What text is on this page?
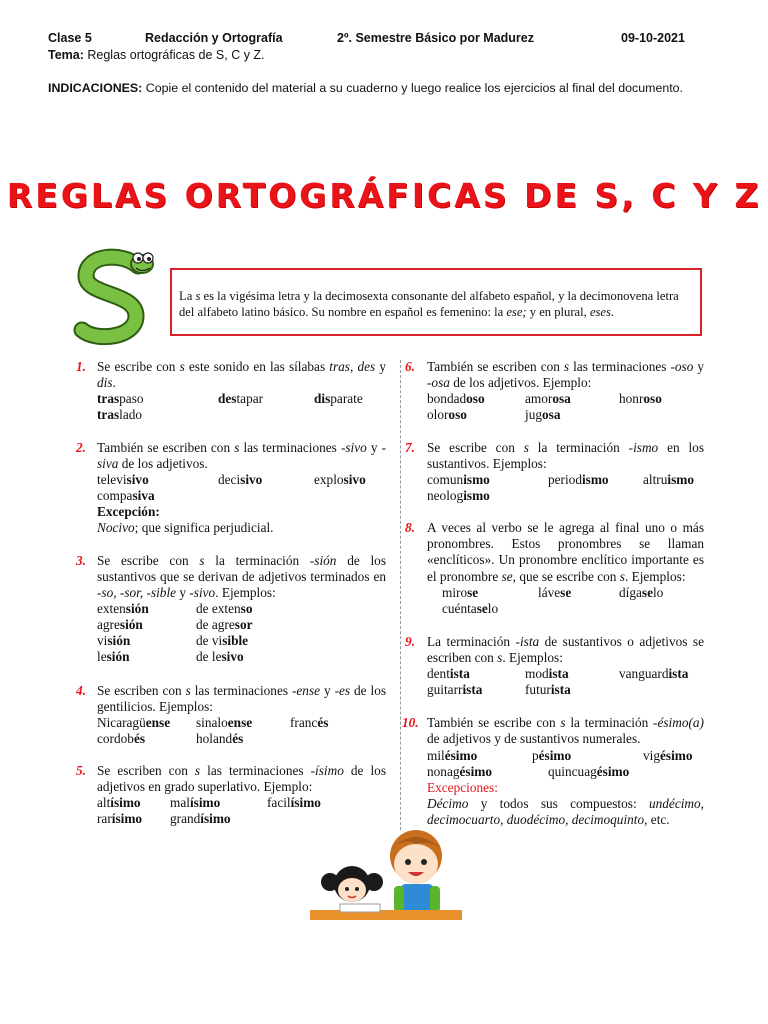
Clase 5	Redacción y Ortografía	2º. Semestre Básico por Madurez	09-10-2021
Tema: Reglas ortográficas de S, C y Z.
INDICACIONES: Copie el contenido del material a su cuaderno y luego realice los ejercicios al final del documento.
REGLAS ORTOGRÁFICAS DE S, C Y Z
La s es la vigésima letra y la decimosexta consonante del alfabeto español, y la decimonovena letra del alfabeto latino básico. Su nombre en español es femenino: la ese; y en plural, eses.
1. Se escribe con s este sonido en las sílabas tras, des y dis.
traspaso	destapar	disparate
traslado
2. También se escriben con s las terminaciones -sivo y -siva de los adjetivos.
televisivo	decisivo	explosivo
compasiva
Excepción:
Nocivo; que significa perjudicial.
3. Se escribe con s la terminación -sión de los sustantivos que se derivan de adjetivos terminados en -so, -sor, -sible y -sivo. Ejemplos:
extensión	de extenso
agresión	de agresor
visión	de visible
lesión	de lesivo
4. Se escriben con s las terminaciones -ense y -es de los gentilicios. Ejemplos:
Nicaragüense sinaloense	francés
cordobés	holandés
5. Se escriben con s las terminaciones -ísimo de los adjetivos en grado superlativo. Ejemplo:
altísimo malísimo	facilísimo
rarísimo grandísimo
6. También se escriben con s las terminaciones -oso y -osa de los adjetivos. Ejemplo:
bondadoso	amorosa	honroso
oloroso	jugosa
7. Se escribe con s la terminación -ismo en los sustantivos. Ejemplos:
comunismo	periodismo	altruismo
neologismo
8. A veces al verbo se le agrega al final uno o más pronombres. Estos pronombres se llaman «enclíticos». Un pronombre enclítico importante es el pronombre se, que se escribe con s. Ejemplos:
mirose	lávese	dígaselo
cuéntaselo
9. La terminación -ista de sustantivos o adjetivos se escriben con s. Ejemplos:
dentista	modista	vanguardista
guitarrista	futurista
10. También se escribe con s la terminación -ésimo(a) de adjetivos y de sustantivos numerales.
milésimo	pésimo	vigésimo
nonagésimo	quincuagésimo
Excepciones:
Décimo y todos sus compuestos: undécimo, decimocuarto, duodécimo, decimoquinto, etc.
